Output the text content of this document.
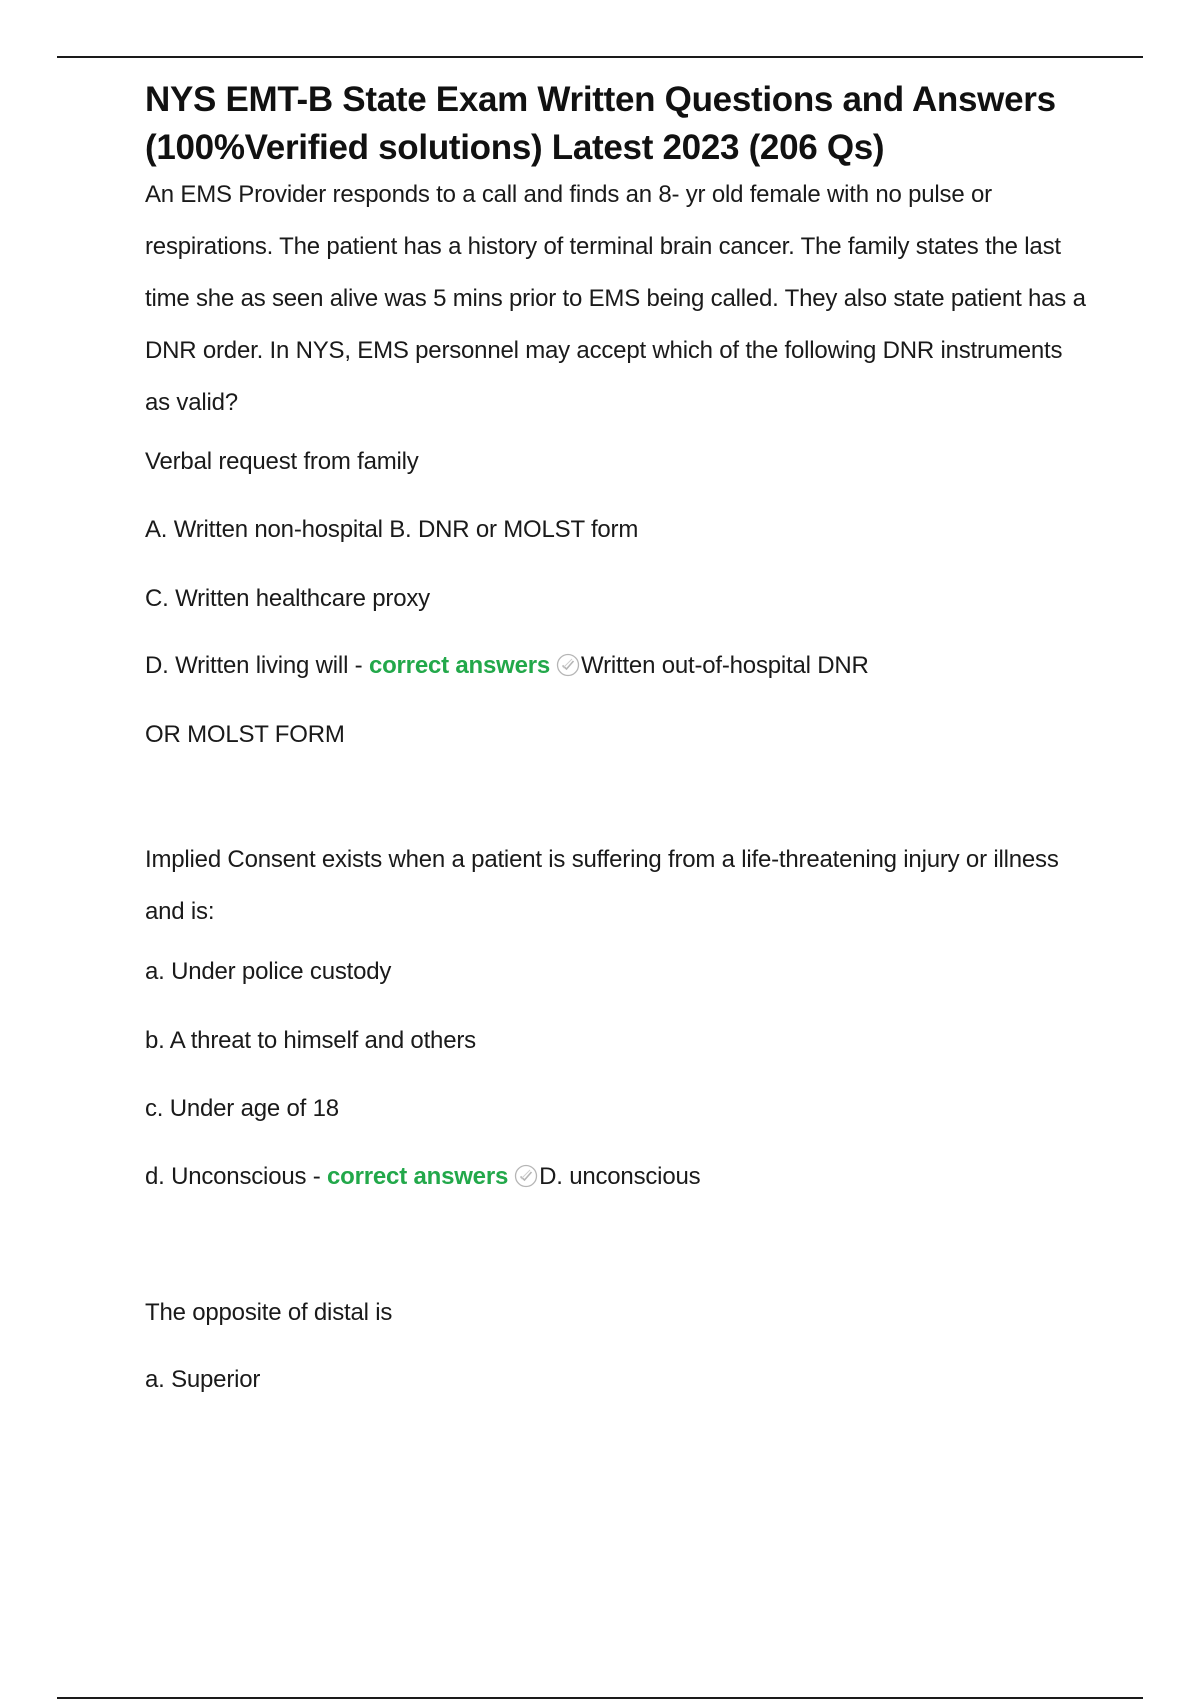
NYS EMT-B State Exam Written Questions and Answers (100%Verified solutions) Latest 2023 (206 Qs)

An EMS Provider responds to a call and finds an 8- yr old female with no pulse or respirations. The patient has a history of terminal brain cancer. The family states the last time she as seen alive was 5 mins prior to EMS being called. They also state patient has a DNR order. In NYS, EMS personnel may accept which of the following DNR instruments as valid?

Verbal request from family

A. Written non-hospital B. DNR or MOLST form

C. Written healthcare proxy

D. Written living will - correct answers Written out-of-hospital DNR

OR MOLST FORM

Implied Consent exists when a patient is suffering from a life-threatening injury or illness and is:

a. Under police custody

b. A threat to himself and others

c. Under age of 18

d. Unconscious - correct answers D. unconscious

The opposite of distal is

a. Superior
